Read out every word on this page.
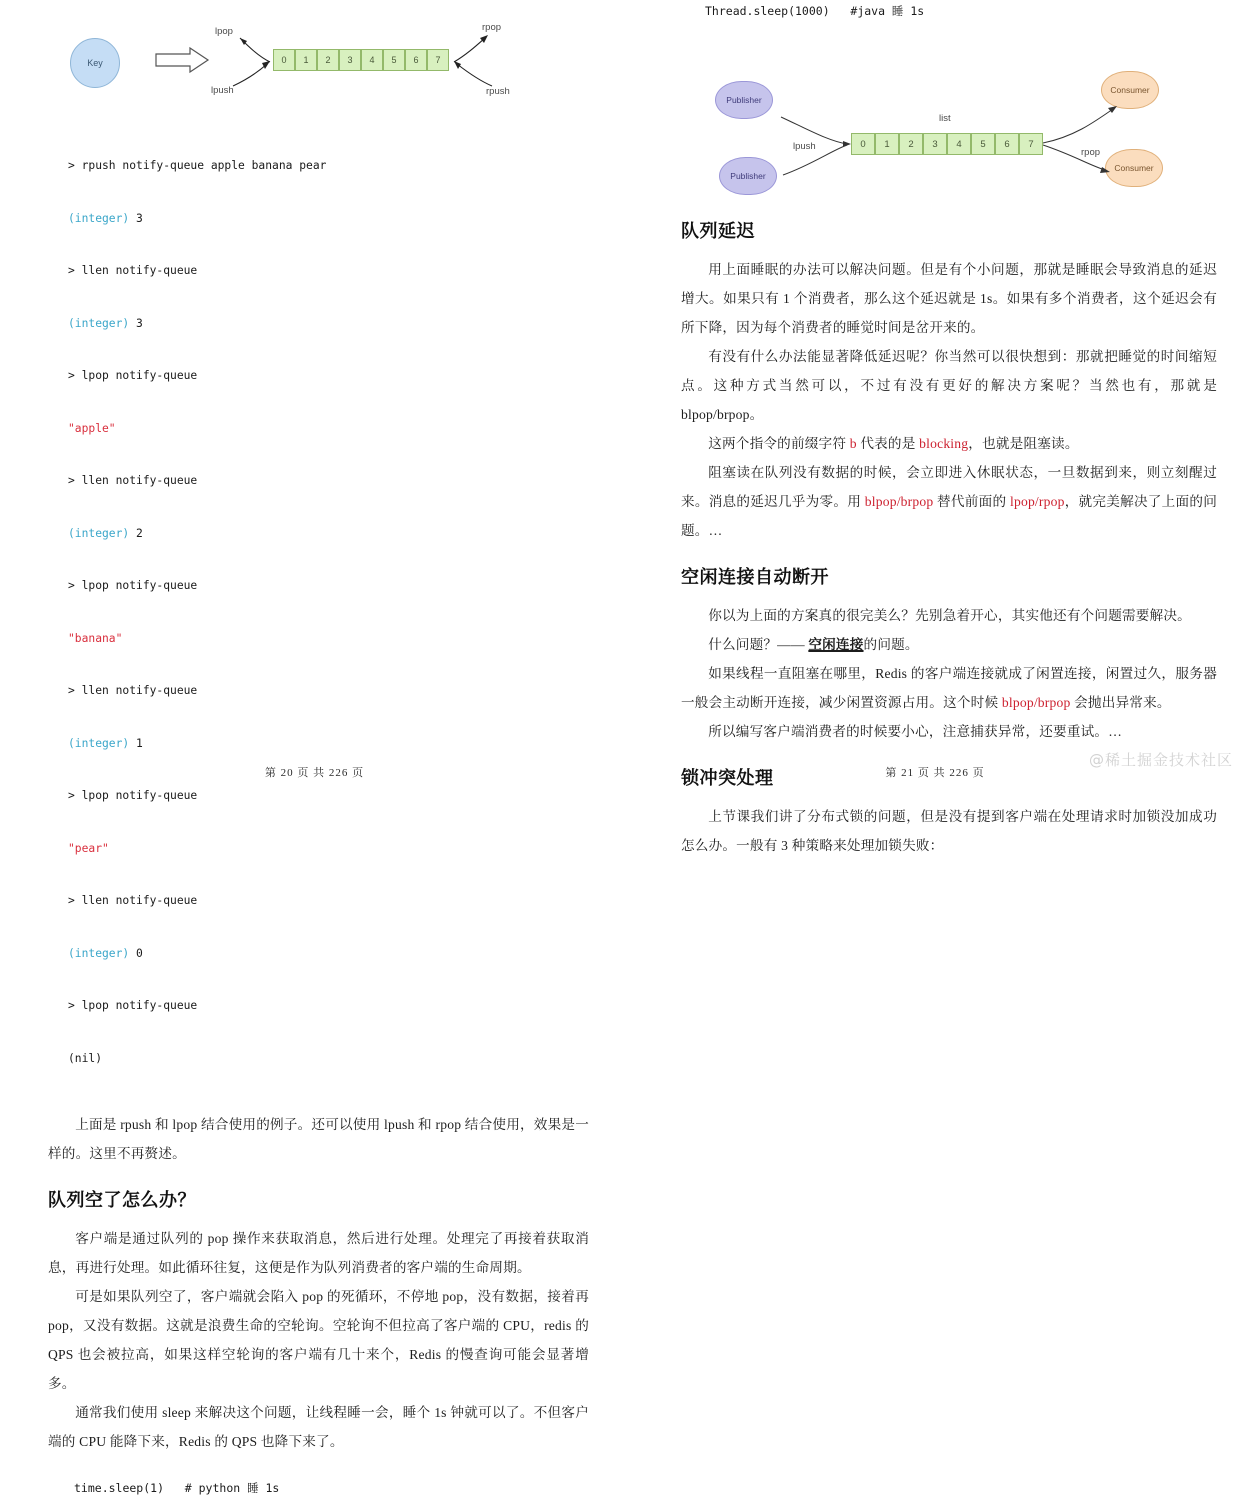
Key
lpop
lpush
rpop
rpush
0	1	2	3	4	5	6	7

> rpush notify-queue apple banana pear

(integer) 3

> llen notify-queue

(integer) 3

> lpop notify-queue

"apple"

> llen notify-queue

(integer) 2

> lpop notify-queue

"banana"

> llen notify-queue

(integer) 1

> lpop notify-queue

"pear"

> llen notify-queue

(integer) 0

> lpop notify-queue

(nil)

上面是 rpush 和 lpop 结合使用的例子。还可以使用 lpush 和 rpop 结合使用，效果是一样的。这里不再赘述。

队列空了怎么办？

客户端是通过队列的 pop 操作来获取消息，然后进行处理。处理完了再接着获取消息，再进行处理。如此循环往复，这便是作为队列消费者的客户端的生命周期。

可是如果队列空了，客户端就会陷入 pop 的死循环，不停地 pop，没有数据，接着再 pop，又没有数据。这就是浪费生命的空轮询。空轮询不但拉高了客户端的 CPU，redis 的 QPS 也会被拉高，如果这样空轮询的客户端有几十来个，Redis 的慢查询可能会显著增多。

通常我们使用 sleep 来解决这个问题，让线程睡一会，睡个 1s 钟就可以了。不但客户端的 CPU 能降下来，Redis 的 QPS 也降下来了。

time.sleep(1)   # python 睡 1s
第 20 页 共 226 页
Thread.sleep(1000)   #java 睡 1s
Publisher
Publisher
Consumer
Consumer
lpush
rpop
list
0	1	2	3	4	5	6	7
队列延迟

用上面睡眠的办法可以解决问题。但是有个小问题，那就是睡眠会导致消息的延迟增大。如果只有 1 个消费者，那么这个延迟就是 1s。如果有多个消费者，这个延迟会有所下降，因为每个消费者的睡觉时间是岔开来的。

有没有什么办法能显著降低延迟呢？你当然可以很快想到：那就把睡觉的时间缩短点。这种方式当然可以，不过有没有更好的解决方案呢？当然也有，那就是 blpop/brpop。

这两个指令的前缀字符 b 代表的是 blocking，也就是阻塞读。

阻塞读在队列没有数据的时候，会立即进入休眠状态，一旦数据到来，则立刻醒过来。消息的延迟几乎为零。用 blpop/brpop 替代前面的 lpop/rpop，就完美解决了上面的问题。…

空闲连接自动断开

你以为上面的方案真的很完美么？先别急着开心，其实他还有个问题需要解决。

什么问题？—— 空闲连接的问题。

如果线程一直阻塞在哪里，Redis 的客户端连接就成了闲置连接，闲置过久，服务器一般会主动断开连接，减少闲置资源占用。这个时候 blpop/brpop 会抛出异常来。

所以编写客户端消费者的时候要小心，注意捕获异常，还要重试。…

锁冲突处理

上节课我们讲了分布式锁的问题，但是没有提到客户端在处理请求时加锁没加成功怎么办。一般有 3 种策略来处理加锁失败：

第 21 页 共 226 页
@稀土掘金技术社区
